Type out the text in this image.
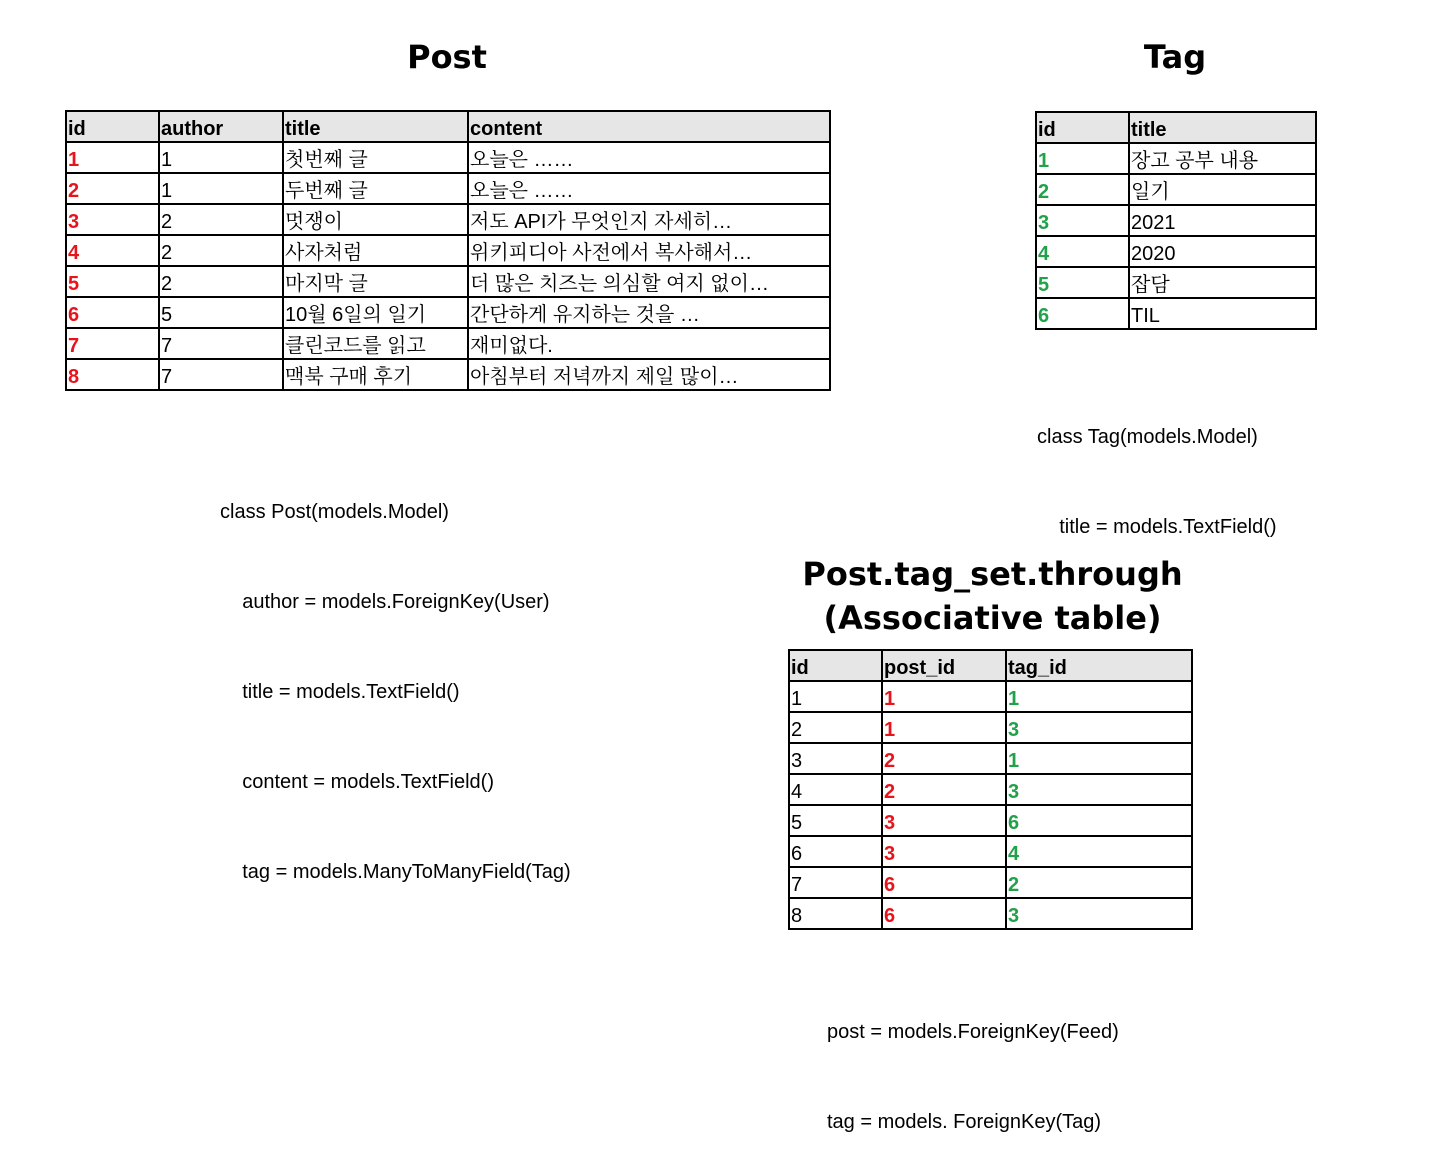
Post
id	author	title	content
1	1	첫번째 글	오늘은 ……
2	1	두번째 글	오늘은 ……
3	2	멋쟁이	저도 API가 무엇인지 자세히…
4	2	사자처럼	위키피디아 사전에서 복사해서…
5	2	마지막 글	더 많은 치즈는 의심할 여지 없이…
6	5	10월 6일의 일기	간단하게 유지하는 것을 …
7	7	클린코드를 읽고	재미없다.
8	7	맥북 구매 후기	아침부터 저녁까지 제일 많이…

class Post(models.Model)

author = models.ForeignKey(User)

title = models.TextField()

content = models.TextField()

tag = models.ManyToManyField(Tag)

Tag
id	title
1	장고 공부 내용
2	일기
3	2021
4	2020
5	잡담
6	TIL

class Tag(models.Model)

title = models.TextField()

Post.tag_set.through
(Associative table)
id	post_id	tag_id
1	1	1
2	1	3
3	2	1
4	2	3
5	3	6
6	3	4
7	6	2
8	6	3

post = models.ForeignKey(Feed)

tag = models. ForeignKey(Tag)
